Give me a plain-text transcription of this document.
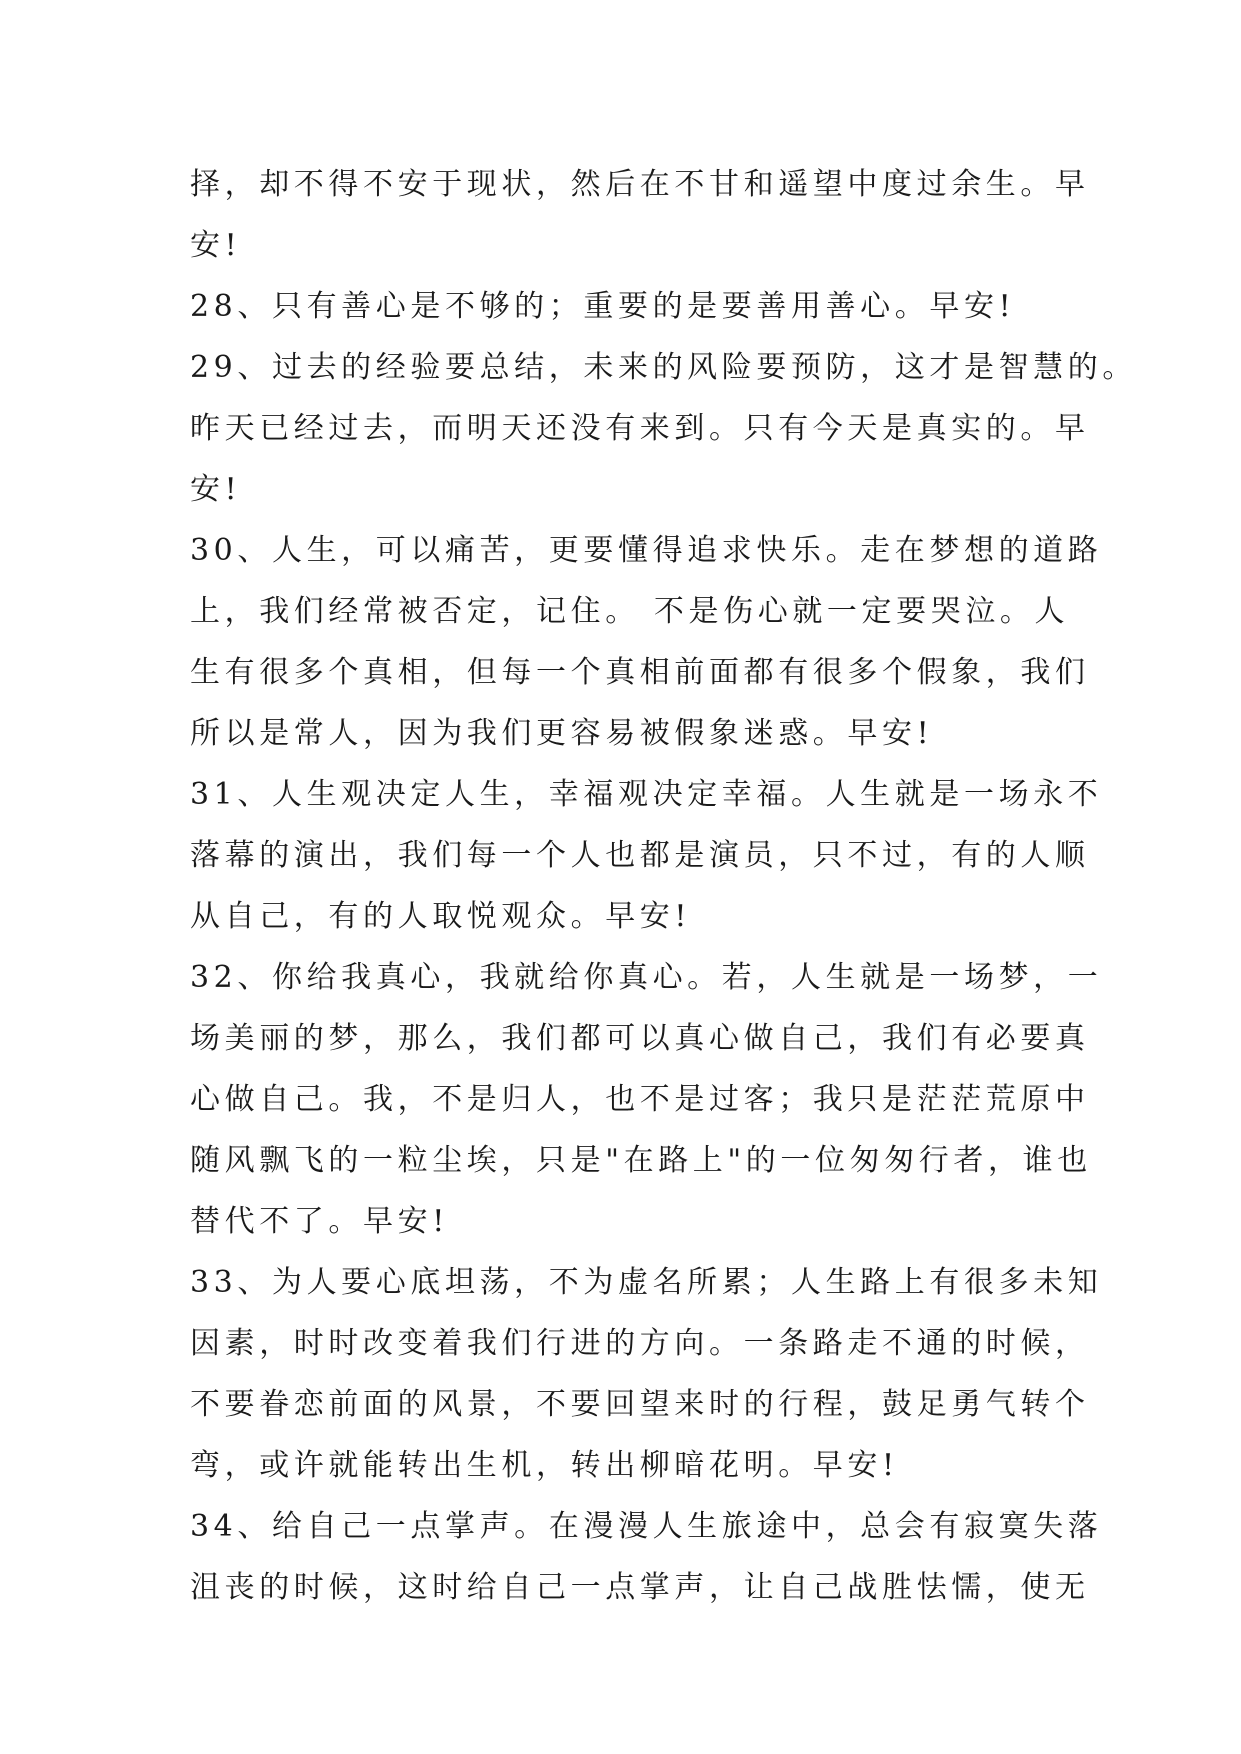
择，却不得不安于现状，然后在不甘和遥望中度过余生。早
安!
28、只有善心是不够的；重要的是要善用善心。早安!
29、过去的经验要总结，未来的风险要预防，这才是智慧的。
昨天已经过去，而明天还没有来到。只有今天是真实的。早
安!
30、人生，可以痛苦，更要懂得追求快乐。走在梦想的道路
上，我们经常被否定，记住。 不是伤心就一定要哭泣。人
生有很多个真相，但每一个真相前面都有很多个假象，我们
所以是常人，因为我们更容易被假象迷惑。早安!
31、人生观决定人生，幸福观决定幸福。人生就是一场永不
落幕的演出，我们每一个人也都是演员，只不过，有的人顺
从自己，有的人取悦观众。早安!
32、你给我真心，我就给你真心。若，人生就是一场梦，一
场美丽的梦，那么，我们都可以真心做自己，我们有必要真
心做自己。我，不是归人，也不是过客；我只是茫茫荒原中
随风飘飞的一粒尘埃，只是"在路上"的一位匆匆行者，谁也
替代不了。早安!
33、为人要心底坦荡，不为虚名所累；人生路上有很多未知
因素，时时改变着我们行进的方向。一条路走不通的时候，
不要眷恋前面的风景，不要回望来时的行程，鼓足勇气转个
弯，或许就能转出生机，转出柳暗花明。早安!
34、给自己一点掌声。在漫漫人生旅途中，总会有寂寞失落
沮丧的时候，这时给自己一点掌声，让自己战胜怯懦，使无
